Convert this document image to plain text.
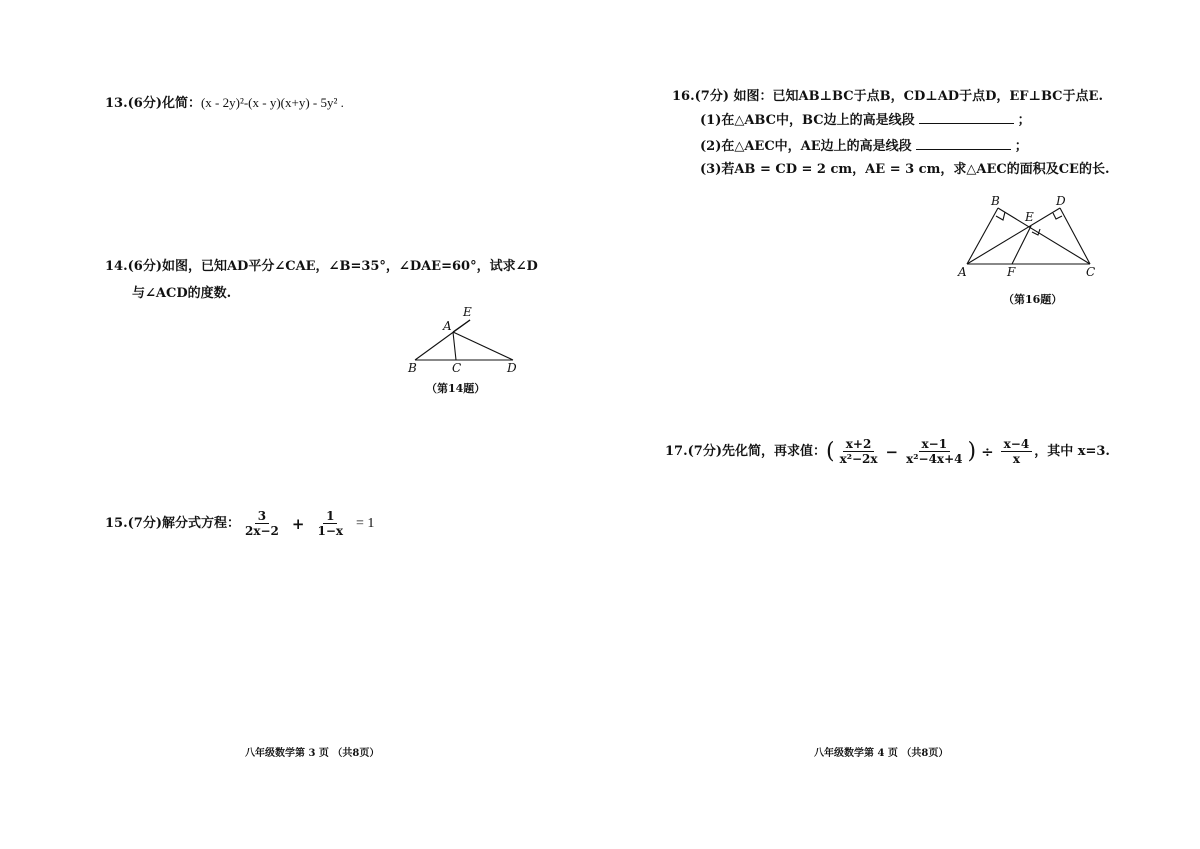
13.(6分)化简：(x - 2y)²-(x - y)(x+y) - 5y² .
14.(6分)如图，已知AD平分∠CAE，∠B=35°，∠DAE=60°，试求∠D
与∠ACD的度数.
E
A
B	C	D
（第14题）
15.(7分)解分式方程： $\frac{3}{2x-2} + \frac{1}{1-x} = 1$
八年级数学第 3 页 （共8页）
16.(7分) 如图：已知AB⊥BC于点B，CD⊥AD于点D，EF⊥BC于点E.
(1)在△ABC中，BC边上的高是线段	；
(2)在△AEC中，AE边上的高是线段	；
(3)若AB = CD = 2 cm，AE = 3 cm，求△AEC的面积及CE的长.
B
E
D
A	F	C
（第16题）
17.(7分)先化简，再求值： ( $\frac{x+2}{\text{x²−2x}} - \frac{x-1}{\text{x²−4x+4}}$ ) ÷ $\frac{x-4}{x}$ ，其中 x=3.
八年级数学第 4 页 （共8页）
